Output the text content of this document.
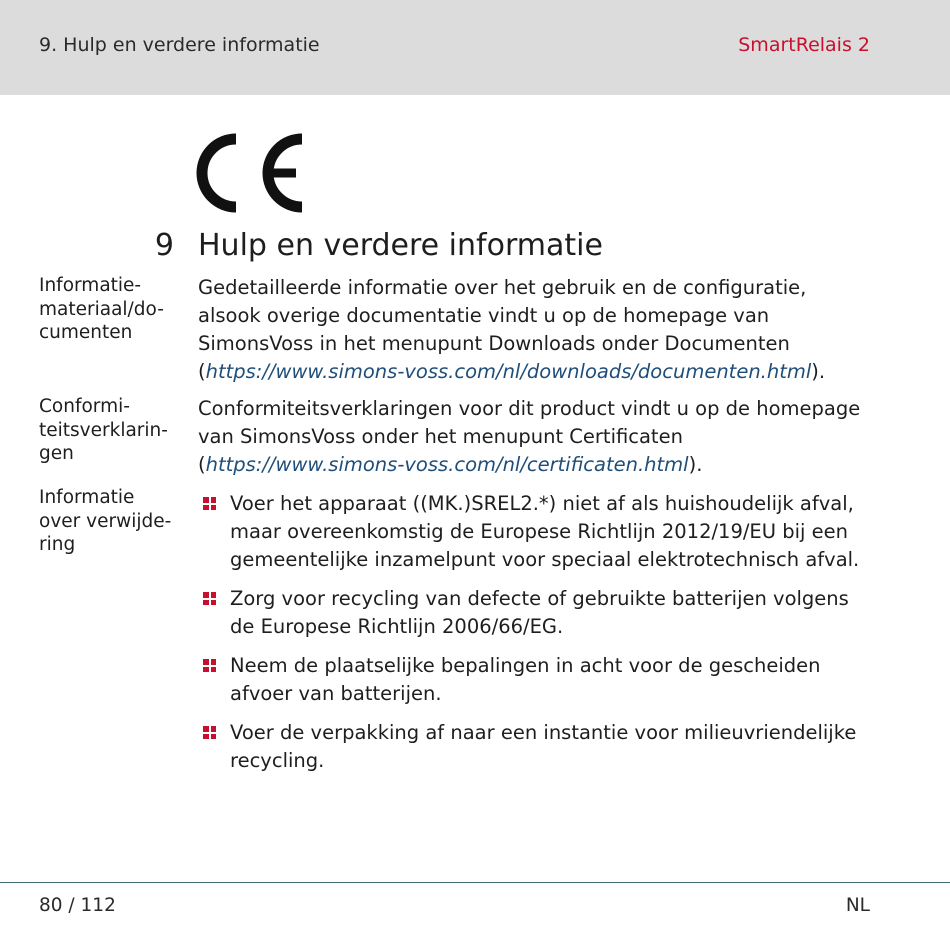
9. Hulp en verdere informatie	SmartRelais 2
9 Hulp en verdere informatie
Informatie-
materiaal/do-
cumenten
Gedetailleerde informatie over het gebruik en de configuratie, alsook overige documentatie vindt u op de homepage van SimonsVoss in het menupunt Downloads onder Documenten (https://www.simons-voss.com/nl/downloads/documenten.html).
Conformi-
teitsverklarin-
gen
Conformiteitsverklaringen voor dit product vindt u op de homepage van SimonsVoss onder het menupunt Certificaten (https://www.simons-voss.com/nl/certificaten.html).
Informatie
over verwijde-
ring
Voer het apparaat ((MK.)SREL2.*) niet af als huishoudelijk afval, maar overeenkomstig de Europese Richtlijn 2012/19/EU bij een gemeentelijke inzamelpunt voor speciaal elektrotechnisch afval.
Zorg voor recycling van defecte of gebruikte batterijen volgens de Europese Richtlijn 2006/66/EG.
Neem de plaatselijke bepalingen in acht voor de gescheiden afvoer van batterijen.
Voer de verpakking af naar een instantie voor milieuvriendelijke recycling.
80 / 112	NL
